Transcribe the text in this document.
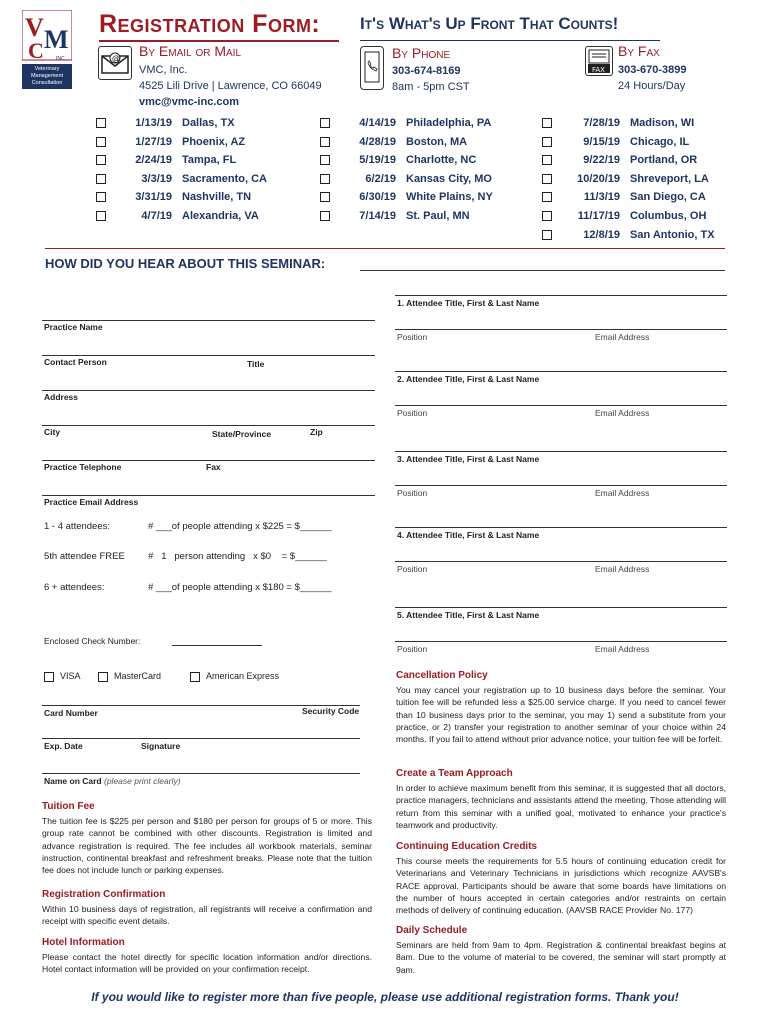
V M
C INC.
Veterinary
Management
Consultation
Registration Form: It's What's Up Front That Counts!
@ By Email or Mail
VMC, Inc.
4525 Lili Drive | Lawrence, CO 66049
vmc@vmc-inc.com
By Phone
303-674-8169
8am - 5pm CST
FAX
By Fax
303-670-3899
24 Hours/Day
1/13/19 Dallas, TX
1/27/19 Phoenix, AZ
2/24/19 Tampa, FL
3/3/19 Sacramento, CA
3/31/19 Nashville, TN
4/7/19 Alexandria, VA
4/14/19 Philadelphia, PA
4/28/19 Boston, MA
5/19/19 Charlotte, NC
6/2/19 Kansas City, MO
6/30/19 White Plains, NY
7/14/19 St. Paul, MN
7/28/19 Madison, WI
9/15/19 Chicago, IL
9/22/19 Portland, OR
10/20/19 Shreveport, LA
11/3/19 San Diego, CA
11/17/19 Columbus, OH
12/8/19 San Antonio, TX
HOW DID YOU HEAR ABOUT THIS SEMINAR:
Practice Name
Contact Person	Title
Address
City	State/Province	Zip
Practice Telephone	Fax
Practice Email Address
1 - 4 attendees:	# ___of people attending x $225 = $______
5th attendee FREE #   1   person attending   x $0    = $______
6 + attendees:	# ___of people attending x $180 = $______
Enclosed Check Number:
VISA	MasterCard	American Express
Card Number	Security Code
Exp. Date	Signature
Name on Card (please print clearly)
Tuition Fee
The tuition fee is $225 per person and $180 per person for groups of 5 or more. This group rate cannot be combined with other discounts. Registration is limited and advance registration is required. The fee includes all workbook materials, seminar instruction, continental breakfast and refreshment breaks. Please note that the tuition fee does not include lunch or parking expenses.
Registration Confirmation
Within 10 business days of registration, all registrants will receive a confirmation and receipt with specific event details.
Hotel Information
Please contact the hotel directly for specific location information and/or directions. Hotel contact information will be provided on your confirmation receipt.
1. Attendee Title, First & Last Name
Position	Email Address
2. Attendee Title, First & Last Name
Position	Email Address
3. Attendee Title, First & Last Name
Position	Email Address
4. Attendee Title, First & Last Name
Position	Email Address
5. Attendee Title, First & Last Name
Position	Email Address
Cancellation Policy
You may cancel your registration up to 10 business days before the seminar. Your tuition fee will be refunded less a $25.00 service charge. If you need to cancel fewer than 10 business days prior to the seminar, you may 1) send a substitute from your practice, or 2) transfer your registration to another seminar of your choice within 24 months. If you fail to attend without prior advance notice, your tuition fee will be forfeit.
Create a Team Approach
In order to achieve maximum benefit from this seminar, it is suggested that all doctors, practice managers, technicians and assistants attend the meeting. Those attending will return from this seminar with a unified goal, motivated to enhance your practice's teamwork and productivity.
Continuing Education Credits
This course meets the requirements for 5.5 hours of continuing education credit for Veterinarians and Veterinary Technicians in jurisdictions which recognize AAVSB's RACE approval. Participants should be aware that some boards have limitations on the number of hours accepted in certain categories and/or restraints on certain methods of delivery of continuing education. (AAVSB RACE Provider No. 177)
Daily Schedule
Seminars are held from 9am to 4pm. Registration & continental breakfast begins at 8am. Due to the volume of material to be covered, the seminar will start promptly at 9am.
If you would like to register more than five people, please use additional registration forms. Thank you!
